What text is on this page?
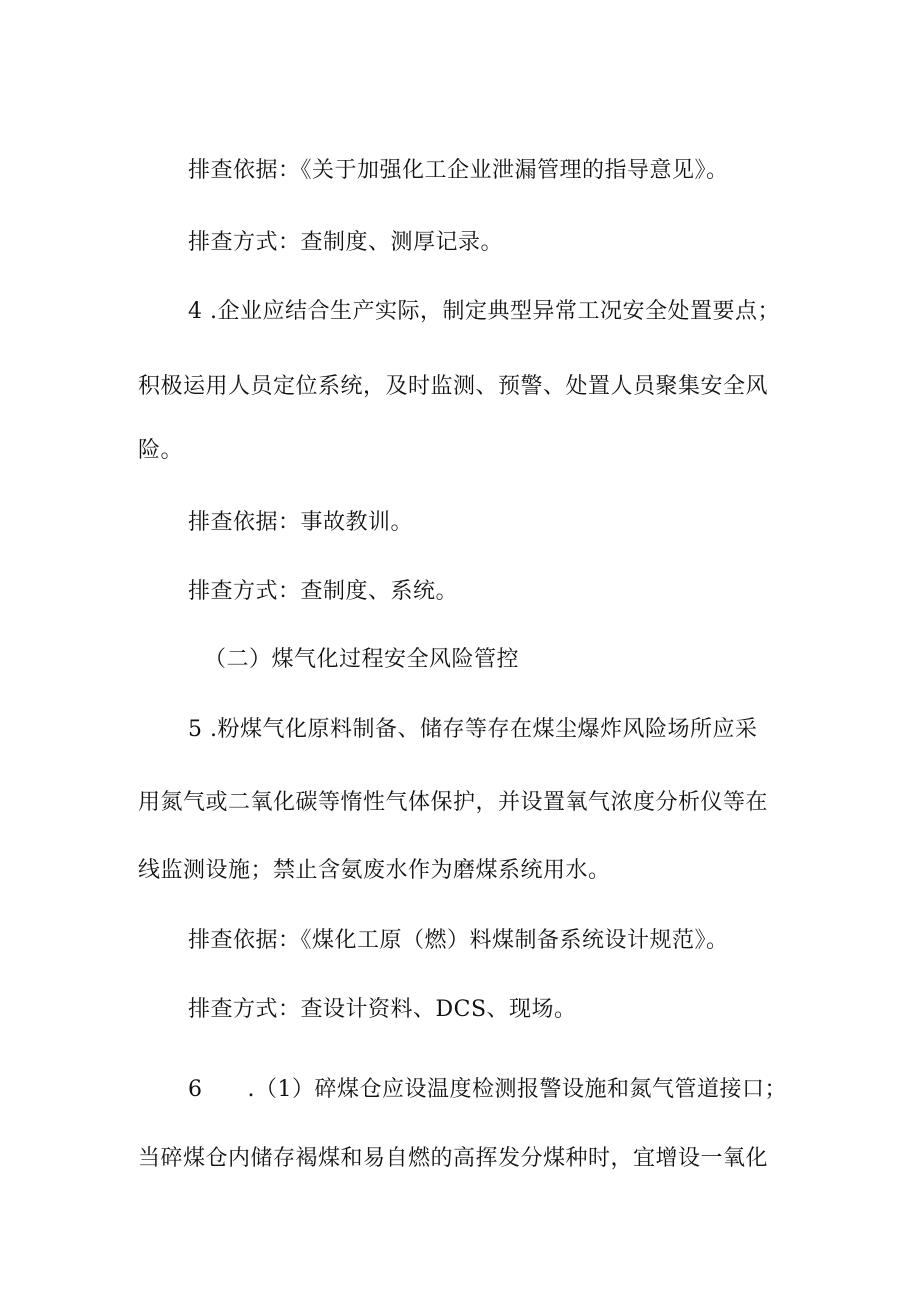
排查依据：《关于加强化工企业泄漏管理的指导意见》。
排查方式：查制度、测厚记录。
4 .企业应结合生产实际，制定典型异常工况安全处置要点；
积极运用人员定位系统，及时监测、预警、处置人员聚集安全风
险。
排查依据：事故教训。
排查方式：查制度、系统。
（二）煤气化过程安全风险管控
5 .粉煤气化原料制备、储存等存在煤尘爆炸风险场所应采
用氮气或二氧化碳等惰性气体保护，并设置氧气浓度分析仪等在
线监测设施；禁止含氨废水作为磨煤系统用水。
排查依据：《煤化工原（燃）料煤制备系统设计规范》。
排查方式：查设计资料、DCS、现场。
6　　.（1）碎煤仓应设温度检测报警设施和氮气管道接口；
当碎煤仓内储存褐煤和易自燃的高挥发分煤种时，宜增设一氧化
